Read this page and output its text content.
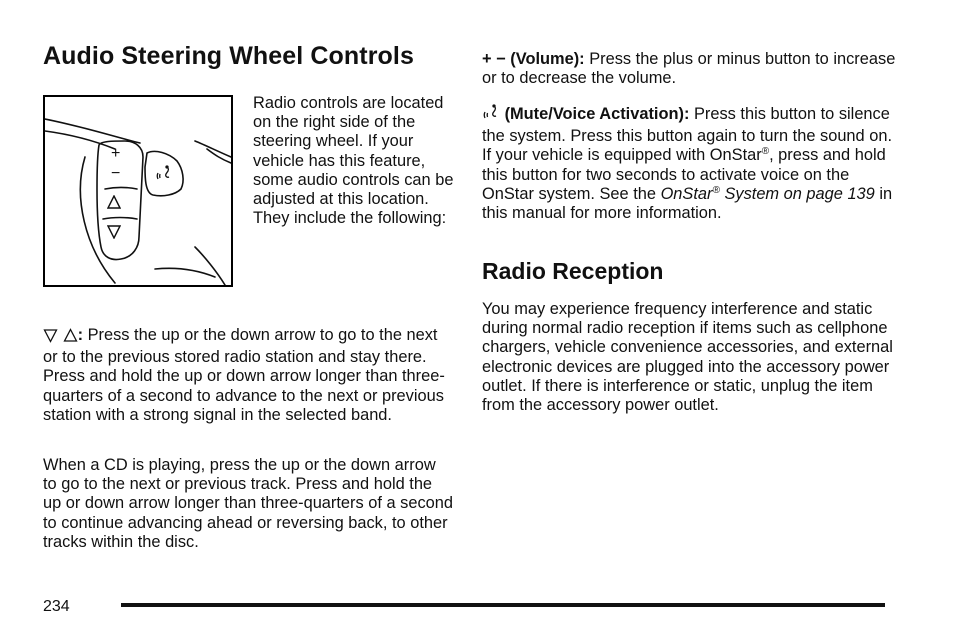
Audio Steering Wheel Controls
+
−

Radio controls are located on the right side of the steering wheel. If your vehicle has this feature, some audio controls can be adjusted at this location. They include the following:

: Press the up or the down arrow to go to the next or to the previous stored radio station and stay there. Press and hold the up or down arrow longer than three-quarters of a second to advance to the next or previous station with a strong signal in the selected band.

When a CD is playing, press the up or the down arrow to go to the next or previous track. Press and hold the up or down arrow longer than three-quarters of a second to continue advancing ahead or reversing back, to other tracks within the disc.

+ − (Volume): Press the plus or minus button to increase or to decrease the volume.

(Mute/Voice Activation): Press this button to silence the system. Press this button again to turn the sound on. If your vehicle is equipped with OnStar®, press and hold this button for two seconds to activate voice on the OnStar system. See the OnStar® System on page 139 in this manual for more information.

Radio Reception

You may experience frequency interference and static during normal radio reception if items such as cellphone chargers, vehicle convenience accessories, and external electronic devices are plugged into the accessory power outlet. If there is interference or static, unplug the item from the accessory power outlet.

234
